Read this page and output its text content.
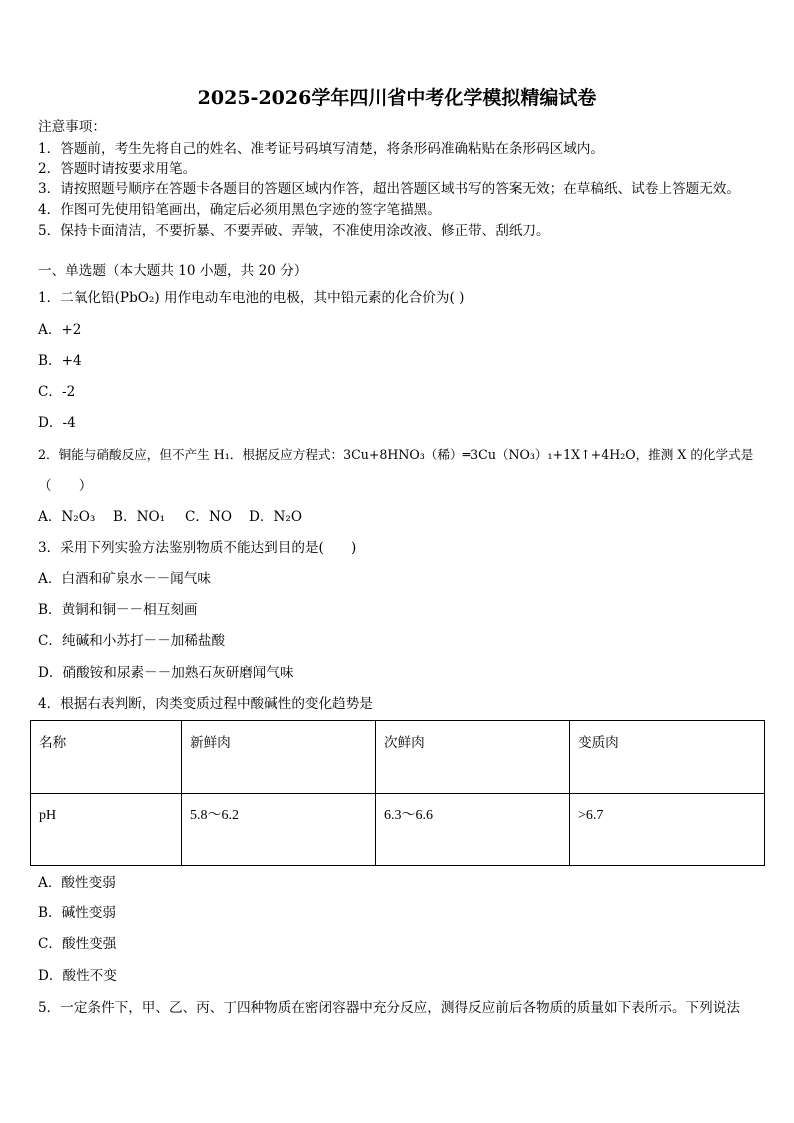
2025-2026学年四川省中考化学模拟精编试卷
注意事项：
1．答题前，考生先将自己的姓名、准考证号码填写清楚，将条形码准确粘贴在条形码区域内。
2．答题时请按要求用笔。
3．请按照题号顺序在答题卡各题目的答题区域内作答，超出答题区域书写的答案无效；在草稿纸、试卷上答题无效。
4．作图可先使用铅笔画出，确定后必须用黑色字迹的签字笔描黑。
5．保持卡面清洁，不要折暴、不要弄破、弄皱，不准使用涂改液、修正带、刮纸刀。
一、单选题（本大题共 10 小题，共 20 分）
1．二氧化铅(PbO₂) 用作电动车电池的电极，其中铅元素的化合价为( )
A．+2
B．+4
C．-2
D．-4
2．铜能与硝酸反应，但不产生 H₁．根据反应方程式：3Cu+8HNO₃（稀）═3Cu（NO₃）₁+1X↑+4H₂O，推测 X 的化学式是
（　　）
A．N₂O₃ B．NO₁ C．NO D．N₂O
3．采用下列实验方法鉴别物质不能达到目的是(　　)
A．白酒和矿泉水－－闻气味
B．黄铜和铜－－相互刻画
C．纯碱和小苏打－－加稀盐酸
D．硝酸铵和尿素－－加熟石灰研磨闻气味
4．根据右表判断，肉类变质过程中酸碱性的变化趋势是
名称	新鲜肉	次鲜肉	变质肉
pH	5.8～6.2	6.3～6.6	>6.7
A．酸性变弱
B．碱性变弱
C．酸性变强
D．酸性不变
5．一定条件下，甲、乙、丙、丁四种物质在密闭容器中充分反应，测得反应前后各物质的质量如下表所示。下列说法
